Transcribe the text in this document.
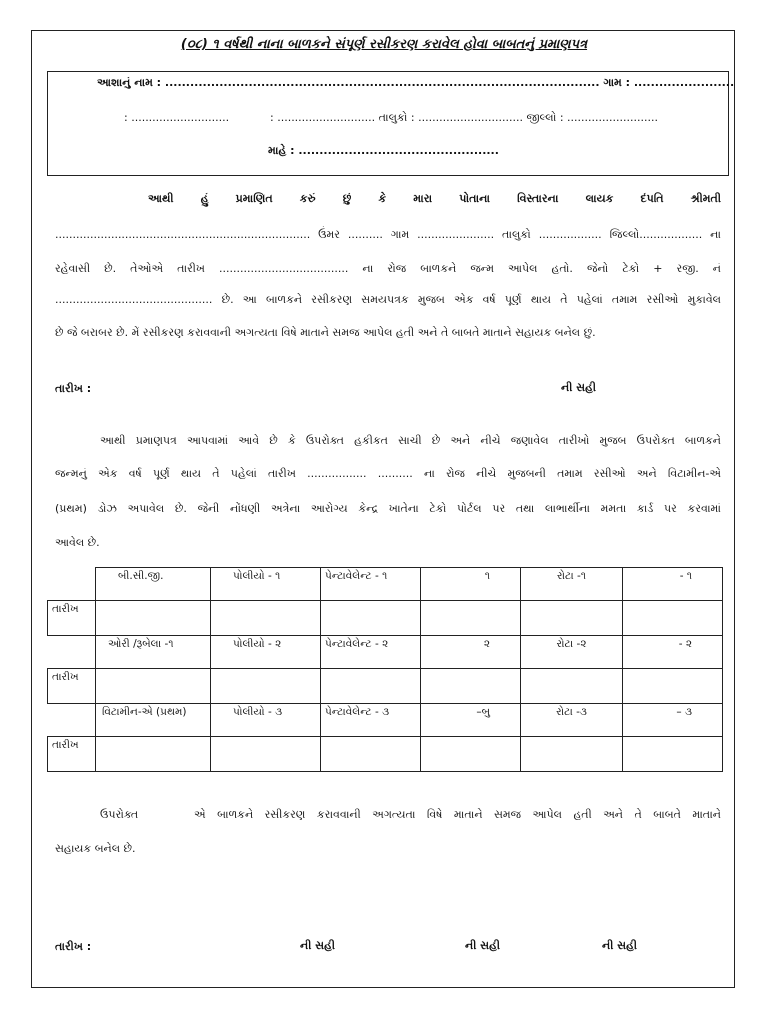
(૦૮) ૧ વર્ષથી નાના બાળકને સંપૂર્ણ રસીકરણ કરાવેલ હોવા બાબતનું પ્રમાણપત્ર
આશાનું નામ : ........................................................................................................ ગામ : ........................
: ............................	: ............................ તાલુકો : .............................. જીલ્લો : ..........................
માહે : ................................................
આથી હું પ્રમાણિત કરું છું કે મારા પોતાના વિસ્તારના લાયક દંપતિ શ્રીમતી
......................................................................... ઉંમર .......... ગામ ...................... તાલુકો .................. જિલ્લો.................. ના
રહેવાસી છે. તેઓએ તારીખ ..................................... ના રોજ બાળકને જન્મ આપેલ હતો. જેનો ટેકો + રજી. નં
............................................. છે. આ બાળકને રસીકરણ સમયપત્રક મુજબ એક વર્ષ પૂર્ણ થાય તે પહેલાં તમામ રસીઓ મુકાવેલ
છે જે બરાબર છે. મેં રસીકરણ કરાવવાની અગત્યતા વિષે માતાને સમજ આપેલ હતી અને તે બાબતે માતાને સહાયક બનેલ છું.
તારીખ :	ની સહી
આથી પ્રમાણપત્ર આપવામાં આવે છે કે ઉપરોક્ત હકીકત સાચી છે અને નીચે જણાવેલ તારીખો મુજબ ઉપરોક્ત બાળકને
જન્મનું એક વર્ષ પૂર્ણ થાય તે પહેલાં તારીખ ................. .......... ના રોજ નીચે મુજબની તમામ રસીઓ અને વિટામીન-એ
(પ્રથમ) ડોઝ અપાવેલ છે. જેની નોંધણી અત્રેના આરોગ્ય કેન્દ્ર ખાતેના ટેકો પોર્ટલ પર તથા લાભાર્થીના મમતા કાર્ડ પર કરવામાં
આવેલ છે.
	બી.સી.જી.	પોલીયો - ૧	પેન્ટાવેલેન્ટ - ૧	૧	રોટા -૧	- ૧
તારીખ						
	ઓરી /રૂબેલા -૧	પોલીયો - ૨	પેન્ટાવેલેન્ટ - ૨	૨	રોટા -૨	- ૨
તારીખ						
	વિટામીન-એ (પ્રથમ)	પોલીયો - ૩	પેન્ટાવેલેન્ટ - ૩	–બુ	રોટા -૩	– ૩
તારીખ						
ઉપરોક્ત	એ બાળકને રસીકરણ કરાવવાની અગત્યતા વિષે માતાને સમજ આપેલ હતી અને તે બાબતે માતાને
સહાયક બનેલ છે.
તારીખ :	ની સહી	ની સહી	ની સહી
